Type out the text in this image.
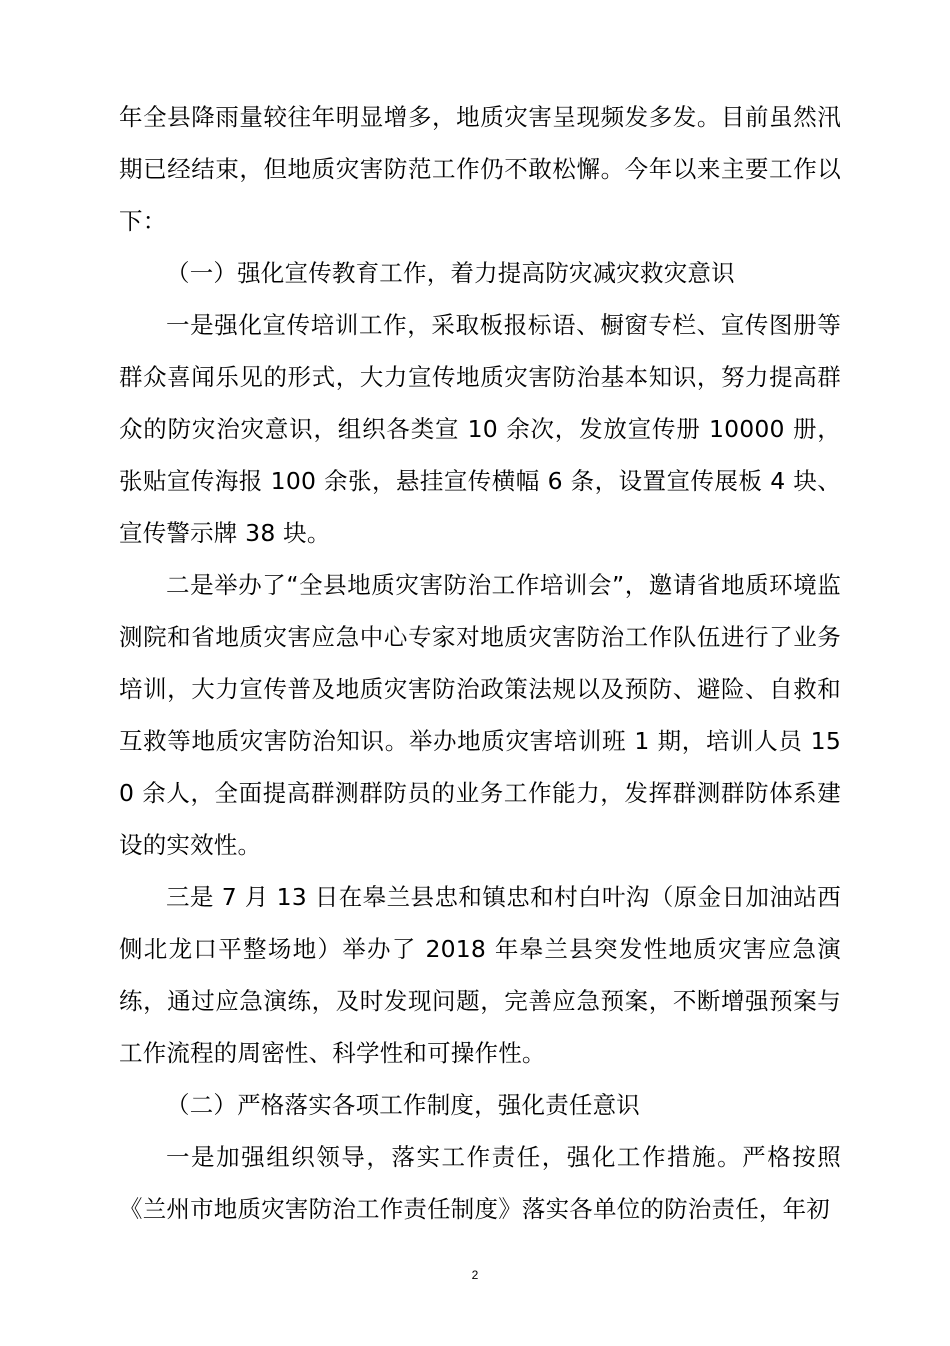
年全县降雨量较往年明显增多，地质灾害呈现频发多发。目前虽然汛期已经结束，但地质灾害防范工作仍不敢松懈。今年以来主要工作以下：

（一）强化宣传教育工作，着力提高防灾减灾救灾意识

一是强化宣传培训工作，采取板报标语、橱窗专栏、宣传图册等群众喜闻乐见的形式，大力宣传地质灾害防治基本知识，努力提高群众的防灾治灾意识，组织各类宣 10 余次，发放宣传册 10000 册，张贴宣传海报 100 余张，悬挂宣传横幅 6 条，设置宣传展板 4 块、宣传警示牌 38 块。

二是举办了“全县地质灾害防治工作培训会”，邀请省地质环境监测院和省地质灾害应急中心专家对地质灾害防治工作队伍进行了业务培训，大力宣传普及地质灾害防治政策法规以及预防、避险、自救和互救等地质灾害防治知识。举办地质灾害培训班 1 期，培训人员 150 余人，全面提高群测群防员的业务工作能力，发挥群测群防体系建设的实效性。

三是 7 月 13 日在皋兰县忠和镇忠和村白叶沟（原金日加油站西侧北龙口平整场地）举办了 2018 年皋兰县突发性地质灾害应急演练，通过应急演练，及时发现问题，完善应急预案，不断增强预案与工作流程的周密性、科学性和可操作性。

（二）严格落实各项工作制度，强化责任意识

一是加强组织领导，落实工作责任，强化工作措施。严格按照《兰州市地质灾害防治工作责任制度》落实各单位的防治责任，年初

2
